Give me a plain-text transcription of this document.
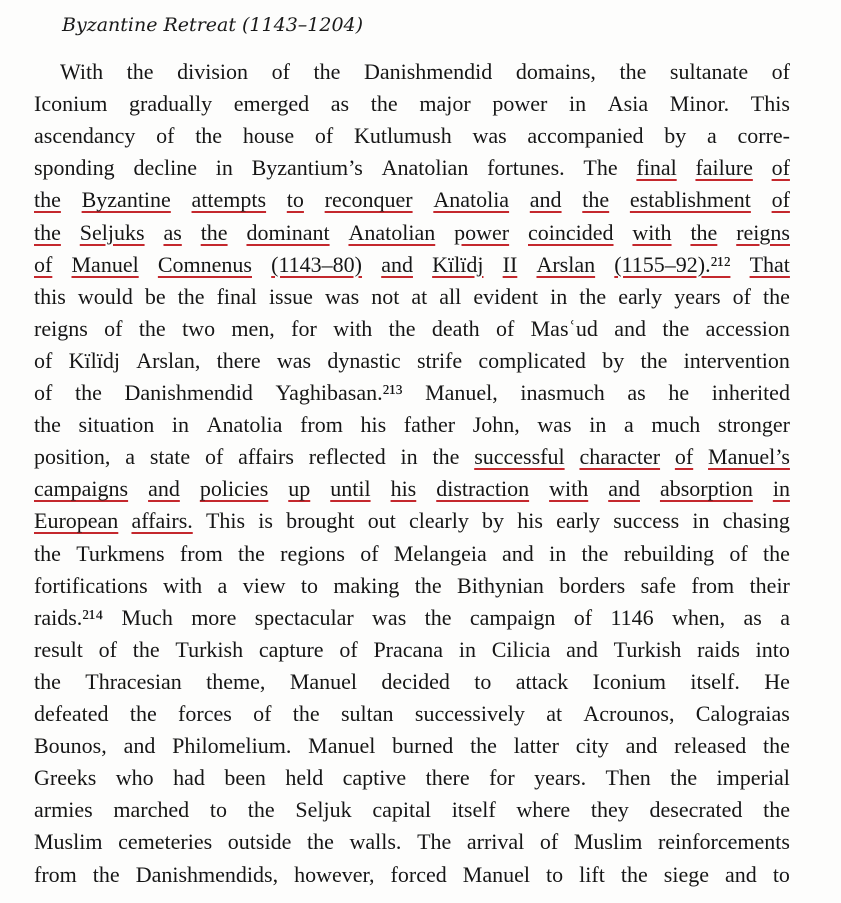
Byzantine Retreat (1143–1204)
With the division of the Danishmendid domains, the sultanate of
Iconium gradually emerged as the major power in Asia Minor. This
ascendancy of the house of Kutlumush was accompanied by a corre-
sponding decline in Byzantium’s Anatolian fortunes. The final failure of
the Byzantine attempts to reconquer Anatolia and the establishment of
the Seljuks as the dominant Anatolian power coincided with the reigns
of Manuel Comnenus (1143–80) and Kïlïdj II Arslan (1155–92).²¹² That
this would be the final issue was not at all evident in the early years of the
reigns of the two men, for with the death of Masʿud and the accession
of Kïlïdj Arslan, there was dynastic strife complicated by the intervention
of the Danishmendid Yaghibasan.²¹³ Manuel, inasmuch as he inherited
the situation in Anatolia from his father John, was in a much stronger
position, a state of affairs reflected in the successful character of Manuel’s
campaigns and policies up until his distraction with and absorption in
European affairs. This is brought out clearly by his early success in chasing
the Turkmens from the regions of Melangeia and in the rebuilding of the
fortifications with a view to making the Bithynian borders safe from their
raids.²¹⁴ Much more spectacular was the campaign of 1146 when, as a
result of the Turkish capture of Pracana in Cilicia and Turkish raids into
the Thracesian theme, Manuel decided to attack Iconium itself. He
defeated the forces of the sultan successively at Acrounos, Calograias
Bounos, and Philomelium. Manuel burned the latter city and released the
Greeks who had been held captive there for years. Then the imperial
armies marched to the Seljuk capital itself where they desecrated the
Muslim cemeteries outside the walls. The arrival of Muslim reinforcements
from the Danishmendids, however, forced Manuel to lift the siege and to
